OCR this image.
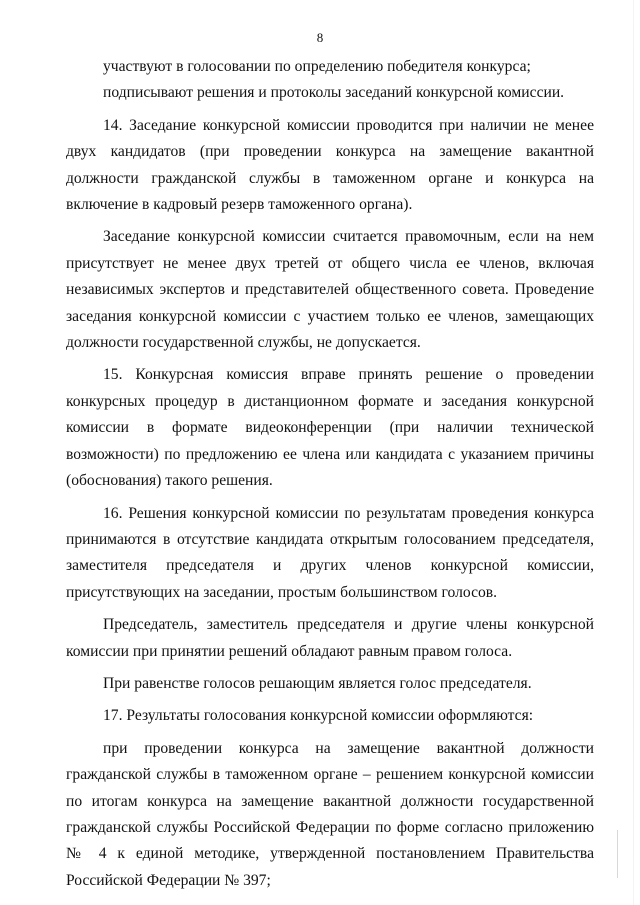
8

участвуют в голосовании по определению победителя конкурса;

подписывают решения и протоколы заседаний конкурсной комиссии.

14. Заседание конкурсной комиссии проводится при наличии не менее двух кандидатов (при проведении конкурса на замещение вакантной должности гражданской службы в таможенном органе и конкурса на включение в кадровый резерв таможенного органа).

Заседание конкурсной комиссии считается правомочным, если на нем присутствует не менее двух третей от общего числа ее членов, включая независимых экспертов и представителей общественного совета. Проведение заседания конкурсной комиссии с участием только ее членов, замещающих должности государственной службы, не допускается.

15. Конкурсная комиссия вправе принять решение о проведении конкурсных процедур в дистанционном формате и заседания конкурсной комиссии в формате видеоконференции (при наличии технической возможности) по предложению ее члена или кандидата с указанием причины (обоснования) такого решения.

16. Решения конкурсной комиссии по результатам проведения конкурса принимаются в отсутствие кандидата открытым голосованием председателя, заместителя председателя и других членов конкурсной комиссии, присутствующих на заседании, простым большинством голосов.

Председатель, заместитель председателя и другие члены конкурсной комиссии при принятии решений обладают равным правом голоса.

При равенстве голосов решающим является голос председателя.

17. Результаты голосования конкурсной комиссии оформляются:

при проведении конкурса на замещение вакантной должности гражданской службы в таможенном органе – решением конкурсной комиссии по итогам конкурса на замещение вакантной должности государственной гражданской службы Российской Федерации по форме согласно приложению № 4 к единой методике, утвержденной постановлением Правительства Российской Федерации № 397;
